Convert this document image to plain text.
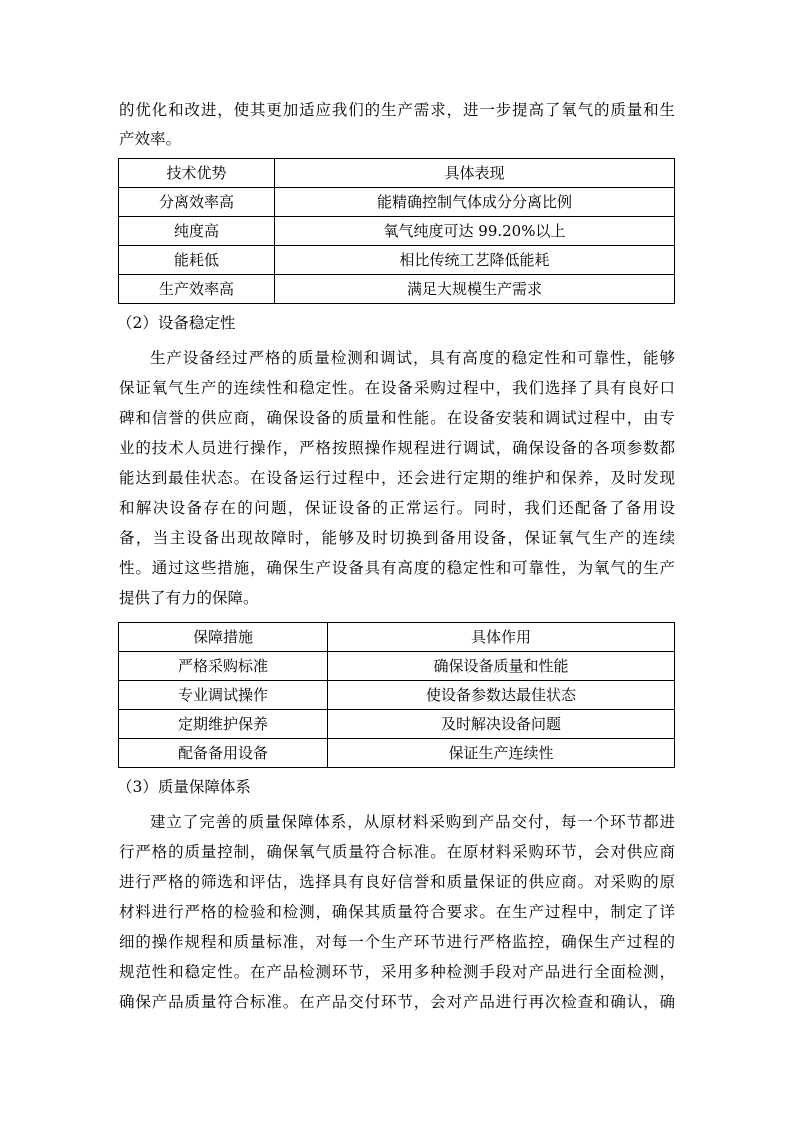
的优化和改进，使其更加适应我们的生产需求，进一步提高了氧气的质量和生
产效率。
技术优势	具体表现
分离效率高	能精确控制气体成分分离比例
纯度高	氧气纯度可达 99.20%以上
能耗低	相比传统工艺降低能耗
生产效率高	满足大规模生产需求
（2）设备稳定性
生产设备经过严格的质量检测和调试，具有高度的稳定性和可靠性，能够
保证氧气生产的连续性和稳定性。在设备采购过程中，我们选择了具有良好口
碑和信誉的供应商，确保设备的质量和性能。在设备安装和调试过程中，由专
业的技术人员进行操作，严格按照操作规程进行调试，确保设备的各项参数都
能达到最佳状态。在设备运行过程中，还会进行定期的维护和保养，及时发现
和解决设备存在的问题，保证设备的正常运行。同时，我们还配备了备用设
备，当主设备出现故障时，能够及时切换到备用设备，保证氧气生产的连续
性。通过这些措施，确保生产设备具有高度的稳定性和可靠性，为氧气的生产
提供了有力的保障。
保障措施	具体作用
严格采购标准	确保设备质量和性能
专业调试操作	使设备参数达最佳状态
定期维护保养	及时解决设备问题
配备备用设备	保证生产连续性
（3）质量保障体系
建立了完善的质量保障体系，从原材料采购到产品交付，每一个环节都进
行严格的质量控制，确保氧气质量符合标准。在原材料采购环节，会对供应商
进行严格的筛选和评估，选择具有良好信誉和质量保证的供应商。对采购的原
材料进行严格的检验和检测，确保其质量符合要求。在生产过程中，制定了详
细的操作规程和质量标准，对每一个生产环节进行严格监控，确保生产过程的
规范性和稳定性。在产品检测环节，采用多种检测手段对产品进行全面检测，
确保产品质量符合标准。在产品交付环节，会对产品进行再次检查和确认，确
